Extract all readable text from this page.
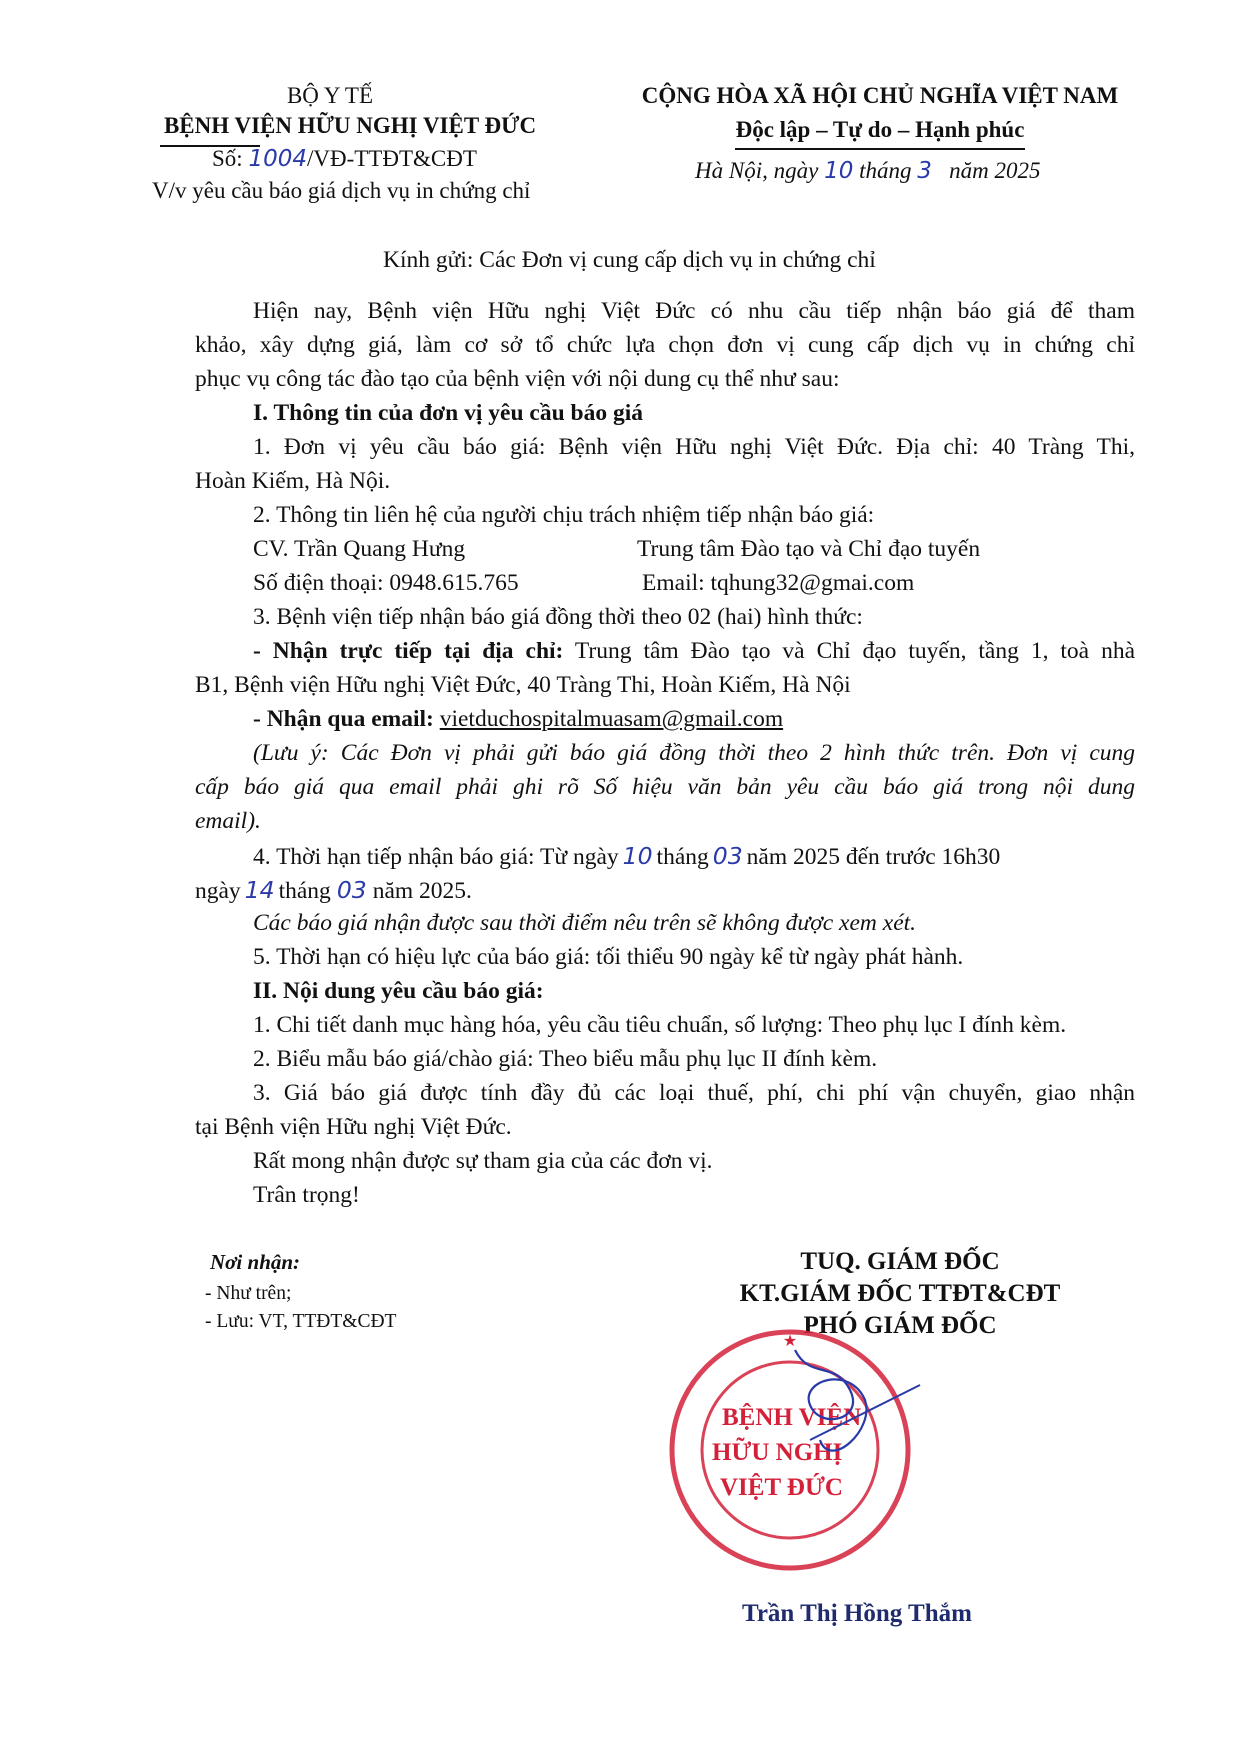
BỘ Y TẾ
BỆNH VIỆN HỮU NGHỊ VIỆT ĐỨC
Số: 1004/VĐ-TTĐT&CĐT
V/v yêu cầu báo giá dịch vụ in chứng chỉ
CỘNG HÒA XÃ HỘI CHỦ NGHĨA VIỆT NAM
Độc lập – Tự do – Hạnh phúc
Hà Nội, ngày 10 tháng 3 năm 2025
Kính gửi: Các Đơn vị cung cấp dịch vụ in chứng chỉ
Hiện nay, Bệnh viện Hữu nghị Việt Đức có nhu cầu tiếp nhận báo giá để tham
khảo, xây dựng giá, làm cơ sở tổ chức lựa chọn đơn vị cung cấp dịch vụ in chứng chỉ
phục vụ công tác đào tạo của bệnh viện với nội dung cụ thể như sau:
I. Thông tin của đơn vị yêu cầu báo giá
1. Đơn vị yêu cầu báo giá: Bệnh viện Hữu nghị Việt Đức. Địa chỉ: 40 Tràng Thi,
Hoàn Kiếm, Hà Nội.
2. Thông tin liên hệ của người chịu trách nhiệm tiếp nhận báo giá:
CV. Trần Quang Hưng	Trung tâm Đào tạo và Chỉ đạo tuyến
Số điện thoại: 0948.615.765	Email: tqhung32@gmai.com
3. Bệnh viện tiếp nhận báo giá đồng thời theo 02 (hai) hình thức:
- Nhận trực tiếp tại địa chỉ: Trung tâm Đào tạo và Chỉ đạo tuyến, tầng 1, toà nhà
B1, Bệnh viện Hữu nghị Việt Đức, 40 Tràng Thi, Hoàn Kiếm, Hà Nội
- Nhận qua email: vietduchospitalmuasam@gmail.com
(Lưu ý: Các Đơn vị phải gửi báo giá đồng thời theo 2 hình thức trên. Đơn vị cung
cấp báo giá qua email phải ghi rõ Số hiệu văn bản yêu cầu báo giá trong nội dung
email).
4. Thời hạn tiếp nhận báo giá: Từ ngày 10 tháng 03 năm 2025 đến trước 16h30
ngày 14 tháng 03 năm 2025.
Các báo giá nhận được sau thời điểm nêu trên sẽ không được xem xét.
5. Thời hạn có hiệu lực của báo giá: tối thiểu 90 ngày kể từ ngày phát hành.
II. Nội dung yêu cầu báo giá:
1. Chi tiết danh mục hàng hóa, yêu cầu tiêu chuẩn, số lượng: Theo phụ lục I đính kèm.
2. Biểu mẫu báo giá/chào giá: Theo biểu mẫu phụ lục II đính kèm.
3. Giá báo giá được tính đầy đủ các loại thuế, phí, chi phí vận chuyển, giao nhận
tại Bệnh viện Hữu nghị Việt Đức.
Rất mong nhận được sự tham gia của các đơn vị.
Trân trọng!
Nơi nhận:
- Như trên;
- Lưu: VT, TTĐT&CĐT
TUQ. GIÁM ĐỐC
KT.GIÁM ĐỐC TTĐT&CĐT
PHÓ GIÁM ĐỐC
★
BỆNH VIỆN
HỮU NGHỊ
VIỆT ĐỨC
Trần Thị Hồng Thắm
